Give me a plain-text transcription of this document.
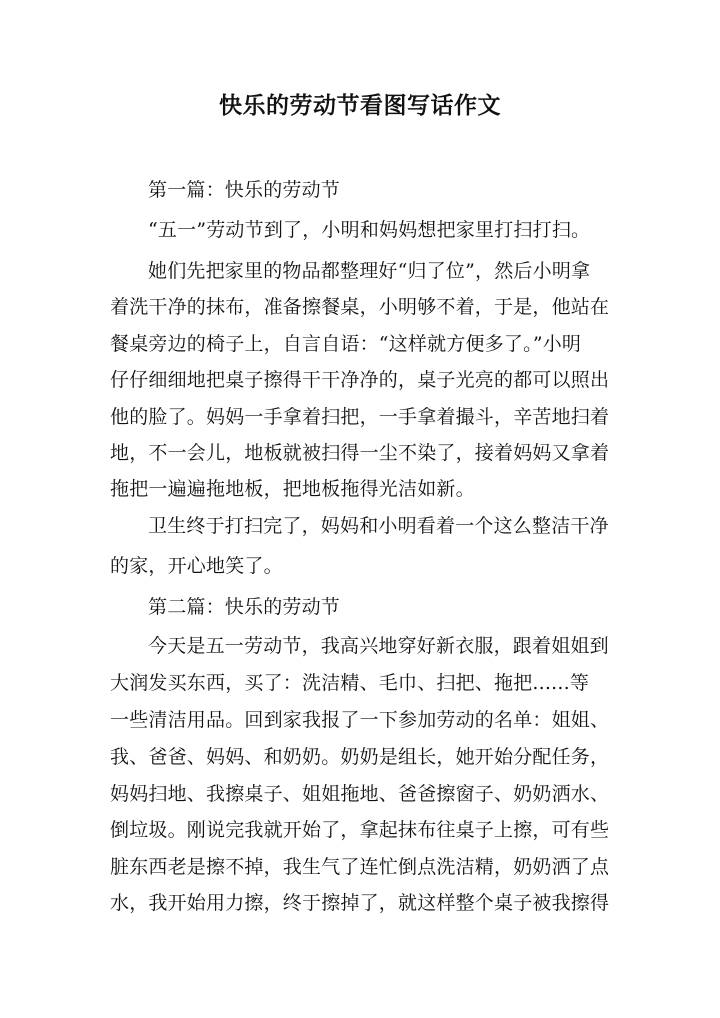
快乐的劳动节看图写话作文
第一篇：快乐的劳动节
“五一”劳动节到了，小明和妈妈想把家里打扫打扫。
她们先把家里的物品都整理好“归了位”，然后小明拿
着洗干净的抹布，准备擦餐桌，小明够不着，于是，他站在
餐桌旁边的椅子上，自言自语：“这样就方便多了。”小明
仔仔细细地把桌子擦得干干净净的，桌子光亮的都可以照出
他的脸了。妈妈一手拿着扫把，一手拿着撮斗，辛苦地扫着
地，不一会儿，地板就被扫得一尘不染了，接着妈妈又拿着
拖把一遍遍拖地板，把地板拖得光洁如新。
卫生终于打扫完了，妈妈和小明看着一个这么整洁干净
的家，开心地笑了。
第二篇：快乐的劳动节
今天是五一劳动节，我高兴地穿好新衣服，跟着姐姐到
大润发买东西，买了：洗洁精、毛巾、扫把、拖把......等
一些清洁用品。回到家我报了一下参加劳动的名单：姐姐、
我、爸爸、妈妈、和奶奶。奶奶是组长，她开始分配任务，
妈妈扫地、我擦桌子、姐姐拖地、爸爸擦窗子、奶奶洒水、
倒垃圾。刚说完我就开始了，拿起抹布往桌子上擦，可有些
脏东西老是擦不掉，我生气了连忙倒点洗洁精，奶奶洒了点
水，我开始用力擦，终于擦掉了，就这样整个桌子被我擦得
